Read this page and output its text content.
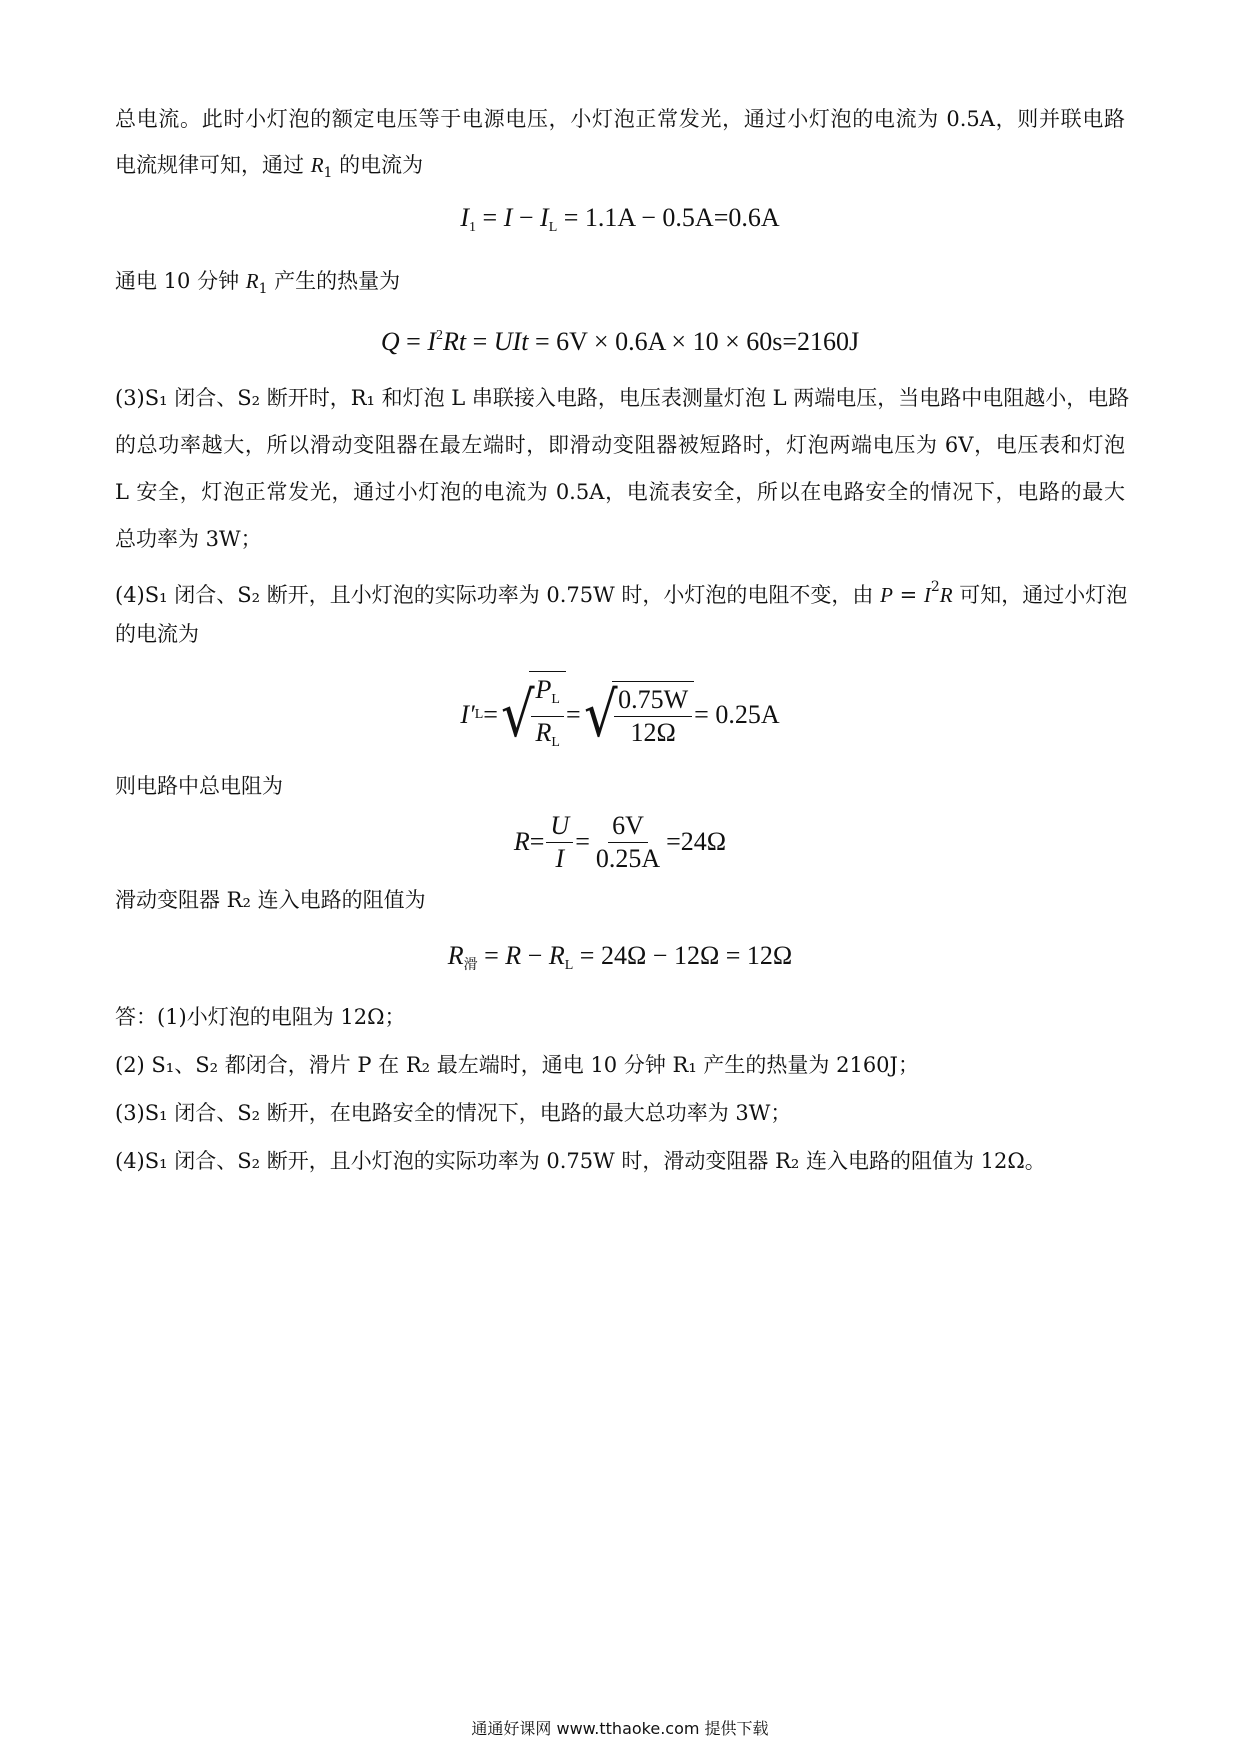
总电流。此时小灯泡的额定电压等于电源电压，小灯泡正常发光，通过小灯泡的电流为 0.5A，则并联电路
电流规律可知，通过 $R_1$ 的电流为
$I_1 = I - I_L = 1.1A - 0.5A=0.6A$
通电 10 分钟 $R_1$ 产生的热量为
$Q = I^2Rt$ = UIt = 6V × 0.6A × 10 × 60s=2160J
(3)S₁ 闭合、S₂ 断开时，R₁ 和灯泡 L 串联接入电路，电压表测量灯泡 L 两端电压，当电路中电阻越小，电路
的总功率越大，所以滑动变阻器在最左端时，即滑动变阻器被短路时，灯泡两端电压为 6V，电压表和灯泡
L 安全，灯泡正常发光，通过小灯泡的电流为 0.5A，电流表安全，所以在电路安全的情况下，电路的最大
总功率为 3W；
(4)S₁ 闭合、S₂ 断开，且小灯泡的实际功率为 0.75W 时，小灯泡的电阻不变，由 $P = I^2R$ 可知，通过小灯泡
的电流为
I′ L = √
$\frac{P_L}{R_L}$ = √
$\frac{0.75W}{12\Omega} = 0.25A$
则电路中总电阻为
$R = \frac{U}{I} = \frac{6V}{0.25A} =24\Omega$
滑动变阻器 R₂ 连入电路的阻值为
$R_滑 = R - R_L = 24\Omega - 12\Omega = 12\Omega$
答：(1)小灯泡的电阻为 12Ω；
(2) S₁、S₂ 都闭合，滑片 P 在 R₂ 最左端时，通电 10 分钟 R₁ 产生的热量为 2160J；
(3)S₁ 闭合、S₂ 断开，在电路安全的情况下，电路的最大总功率为 3W；
(4)S₁ 闭合、S₂ 断开，且小灯泡的实际功率为 0.75W 时，滑动变阻器 R₂ 连入电路的阻值为 12Ω。
通通好课网 www.tthaoke.com 提供下载
